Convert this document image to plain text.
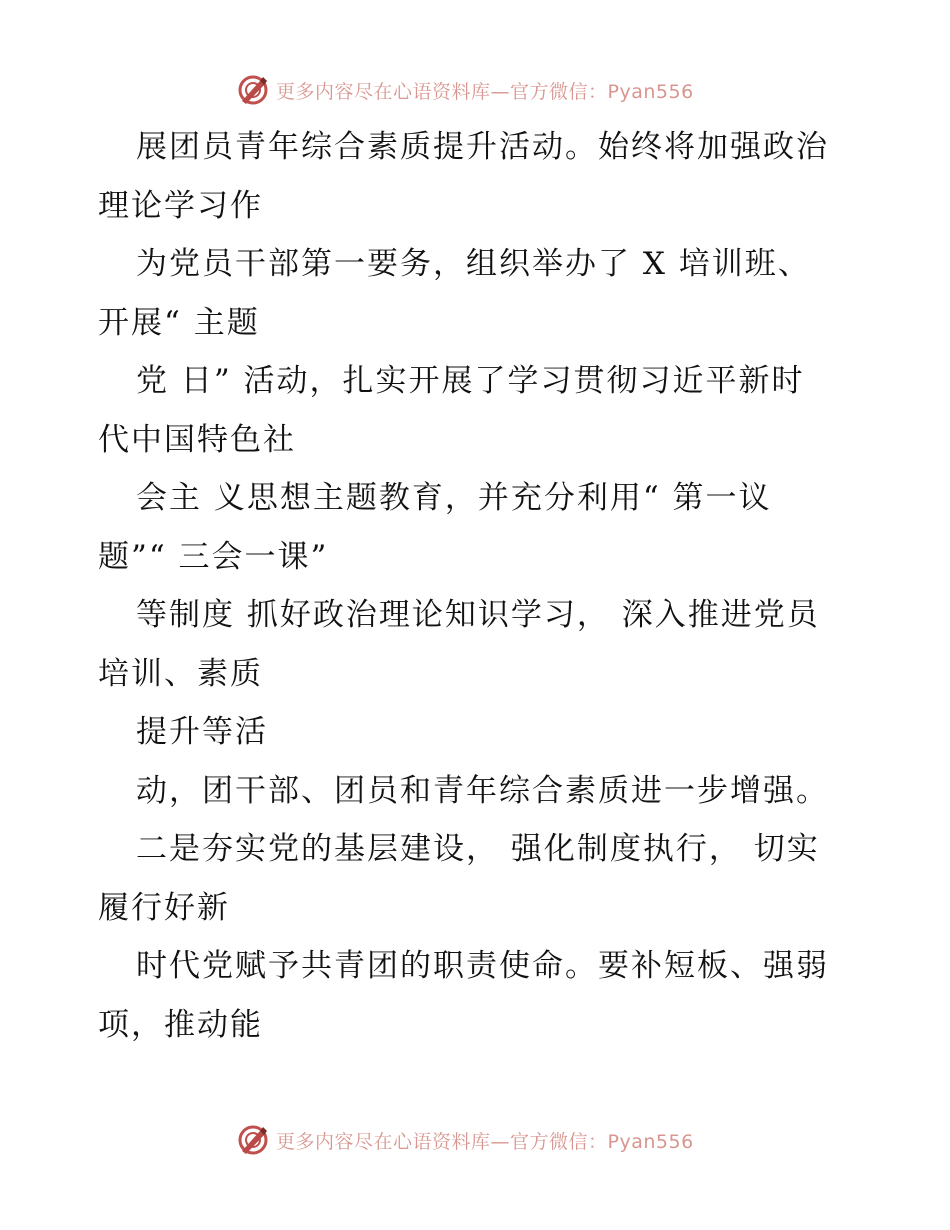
更多内容尽在心语资料库—官方微信：Pyan556
展团员青年综合素质提升活动。始终将加强政治
理论学习作
为党员干部第一要务，组织举办了 X 培训班、
开展“ 主题
党 日” 活动，扎实开展了学习贯彻习近平新时
代中国特色社
会主 义思想主题教育，并充分利用“ 第一议
题”“ 三会一课”
等制度 抓好政治理论知识学习， 深入推进党员
培训、素质
提升等活
动，团干部、团员和青年综合素质进一步增强。
二是夯实党的基层建设， 强化制度执行， 切实
履行好新
时代党赋予共青团的职责使命。要补短板、强弱
项，推动能
更多内容尽在心语资料库—官方微信：Pyan556
